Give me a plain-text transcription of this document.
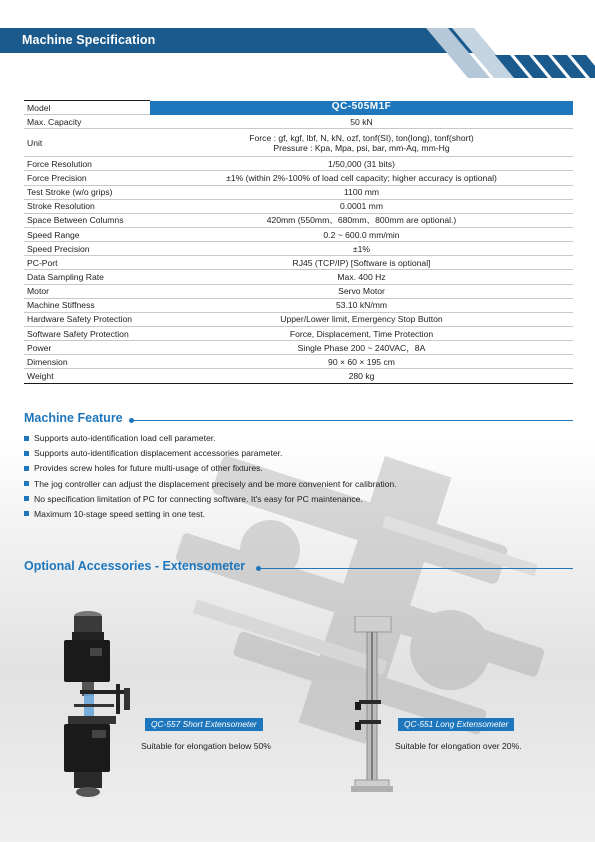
Machine Specification
Model	QC-505M1F
Max. Capacity	50 kN
Unit	Force : gf, kgf, lbf, N, kN, ozf, tonf(SI), ton(long), tonf(short)
Pressure : Kpa, Mpa, psi, bar, mm-Aq, mm-Hg

Force Resolution	1/50,000 (31 bits)
Force Precision	±1% (within 2%-100% of load cell capacity; higher accuracy is optional)
Test Stroke (w/o grips)	1100 mm
Stroke Resolution	0.0001 mm
Space Between Columns	420mm (550mm、680mm、800mm are optional.)
Speed Range	0.2 ~ 600.0 mm/min
Speed Precision	±1%
PC-Port	RJ45 (TCP/IP) [Software is optional]
Data Sampling Rate	Max. 400 Hz
Motor	Servo Motor
Machine Stiffness	53.10 kN/mm
Hardware Safety Protection	Upper/Lower limit, Emergency Stop Button
Software Safety Protection	Force, Displacement, Time Protection
Power	Single Phase 200 ~ 240VAC，8A
Dimension	90 × 60 × 195 cm
Weight	280 kg
Machine Feature
Supports auto-identification load cell parameter.
Supports auto-identification displacement accessories parameter.
Provides screw holes for future multi-usage of other fixtures.
The jog controller can adjust the displacement precisely and be more convenient for calibration.
No specification limitation of PC for connecting software. It's easy for PC maintenance.
Maximum 10-stage speed setting in one test.
Optional Accessories - Extensometer
QC-557 Short Extensometer
Suitable for elongation below 50%
QC-551 Long Extensometer
Suitable for elongation over 20%.
